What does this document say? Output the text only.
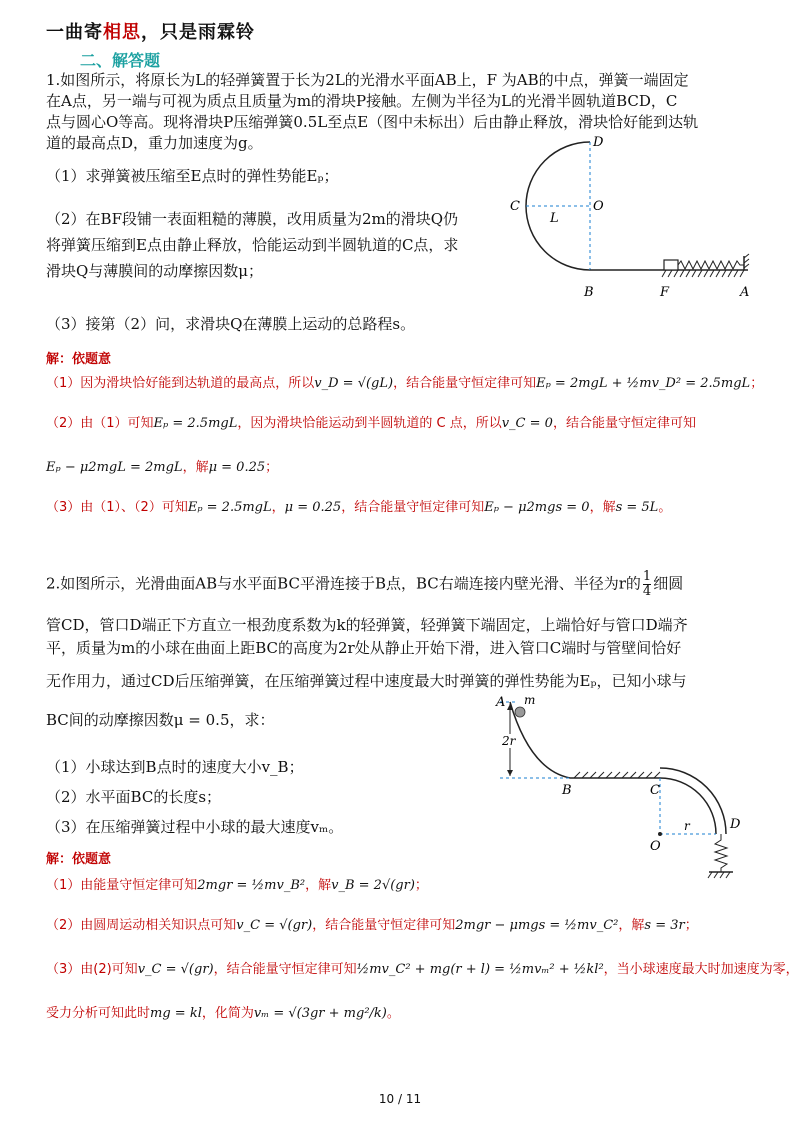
一曲寄相思，只是雨霖铃
二、解答题
1.如图所示，将原长为L的轻弹簧置于长为2L的光滑水平面AB上，F 为AB的中点，弹簧一端固定
在A点，另一端与可视为质点且质量为m的滑块P接触。左侧为半径为L的光滑半圆轨道BCD，C
点与圆心O等高。现将滑块P压缩弹簧0.5L至点E（图中未标出）后由静止释放，滑块恰好能到达轨
道的最高点D，重力加速度为g。
（1）求弹簧被压缩至E点时的弹性势能Eₚ；
（2）在BF段铺一表面粗糙的薄膜，改用质量为2m的滑块Q仍
将弹簧压缩到E点由静止释放，恰能运动到半圆轨道的C点，求
滑块Q与薄膜间的动摩擦因数μ；
（3）接第（2）问，求滑块Q在薄膜上运动的总路程s。
D
C	O
L
B	F	A
解：依题意
（1）因为滑块恰好能到达轨道的最高点，所以v_D = √(gL)，结合能量守恒定律可知Eₚ = 2mgL + ½mv_D² = 2.5mgL；
（2）由（1）可知Eₚ = 2.5mgL，因为滑块恰能运动到半圆轨道的 C 点，所以v_C = 0，结合能量守恒定律可知
Eₚ − μ2mgL = 2mgL，解μ = 0.25；
（3）由（1）、（2）可知Eₚ = 2.5mgL，μ = 0.25，结合能量守恒定律可知Eₚ − μ2mgs = 0，解s = 5L。
2.如图所示，光滑曲面AB与水平面BC平滑连接于B点，BC右端连接内壁光滑、半径为r的 $\frac{1}{4}$ 细圆
管CD，管口D端正下方直立一根劲度系数为k的轻弹簧，轻弹簧下端固定，上端恰好与管口D端齐
平，质量为m的小球在曲面上距BC的高度为2r处从静止开始下滑，进入管口C端时与管壁间恰好
无作用力，通过CD后压缩弹簧，在压缩弹簧过程中速度最大时弹簧的弹性势能为Eₚ，已知小球与
BC间的动摩擦因数μ = 0.5，求：
（1）小球达到B点时的速度大小v_B；
（2）水平面BC的长度s；
（3）在压缩弹簧过程中小球的最大速度vₘ。
2r
A m
B	C
r	D
O
解：依题意
（1）由能量守恒定律可知2mgr = ½mv_B²，解v_B = 2√(gr)；
（2）由圆周运动相关知识点可知v_C = √(gr)，结合能量守恒定律可知2mgr − μmgs = ½mv_C²，解s = 3r；
（3）由(2)可知v_C = √(gr)，结合能量守恒定律可知½mv_C² + mg(r + l) = ½mvₘ² + ½kl²，当小球速度最大时加速度为零，
受力分析可知此时mg = kl，化简为vₘ = √(3gr + mg²/k)。
10 / 11
